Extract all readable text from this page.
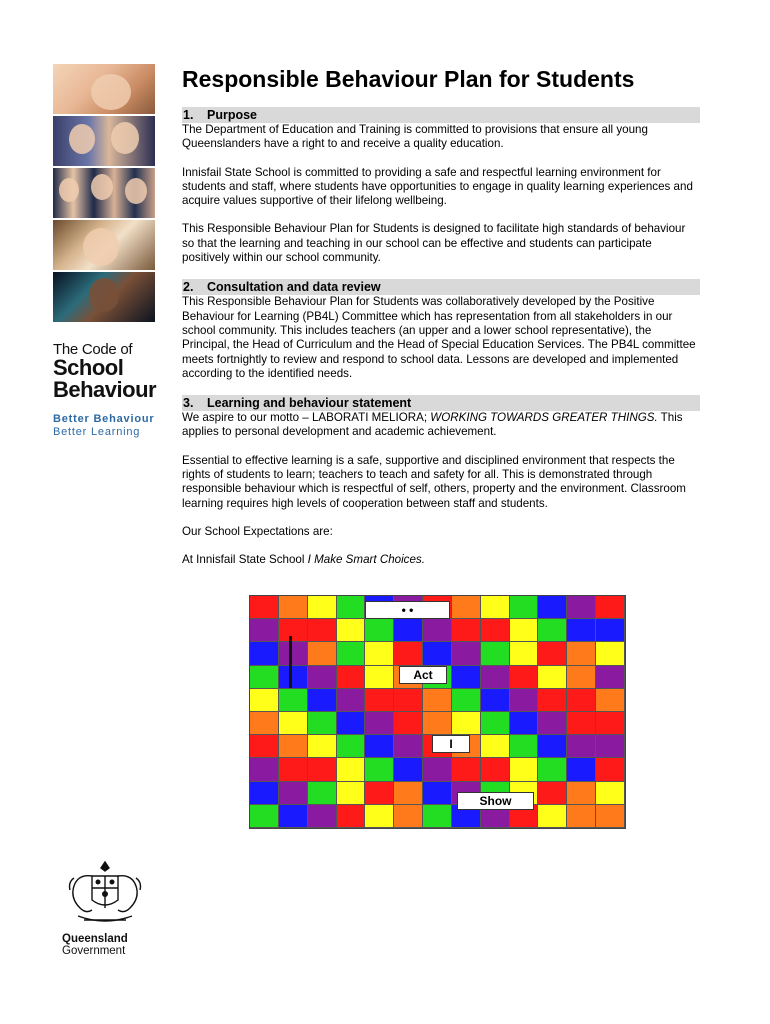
The Code of
School
Behaviour
Better Behaviour
Better Learning
Responsible Behaviour Plan for Students
1. Purpose

The Department of Education and Training is committed to provisions that ensure all young Queenslanders have a right to and receive a quality education.

Innisfail State School is committed to providing a safe and respectful learning environment for students and staff, where students have opportunities to engage in quality learning experiences and acquire values supportive of their lifelong wellbeing.

This Responsible Behaviour Plan for Students is designed to facilitate high standards of behaviour so that the learning and teaching in our school can be effective and students can participate positively within our school community.

2. Consultation and data review

This Responsible Behaviour Plan for Students was collaboratively developed by the Positive Behaviour for Learning (PB4L) Committee which has representation from all stakeholders in our school community. This includes teachers (an upper and a lower school representative), the Principal, the Head of Curriculum and the Head of Special Education Services. The PB4L committee meets fortnightly to review and respond to school data. Lessons are developed and implemented according to the identified needs.

3. Learning and behaviour statement

We aspire to our motto – LABORATI MELIORA; WORKING TOWARDS GREATER THINGS. This applies to personal development and academic achievement.

Essential to effective learning is a safe, supportive and disciplined environment that respects the rights of students to learn; teachers to teach and safety for all. This is demonstrated through responsible behaviour which is respectful of self, others, property and the environment. Classroom learning requires high levels of cooperation between staff and students.

Our School Expectations are:

At Innisfail State School I Make Smart Choices.

• •
Act
I
Show
Queensland
Government
